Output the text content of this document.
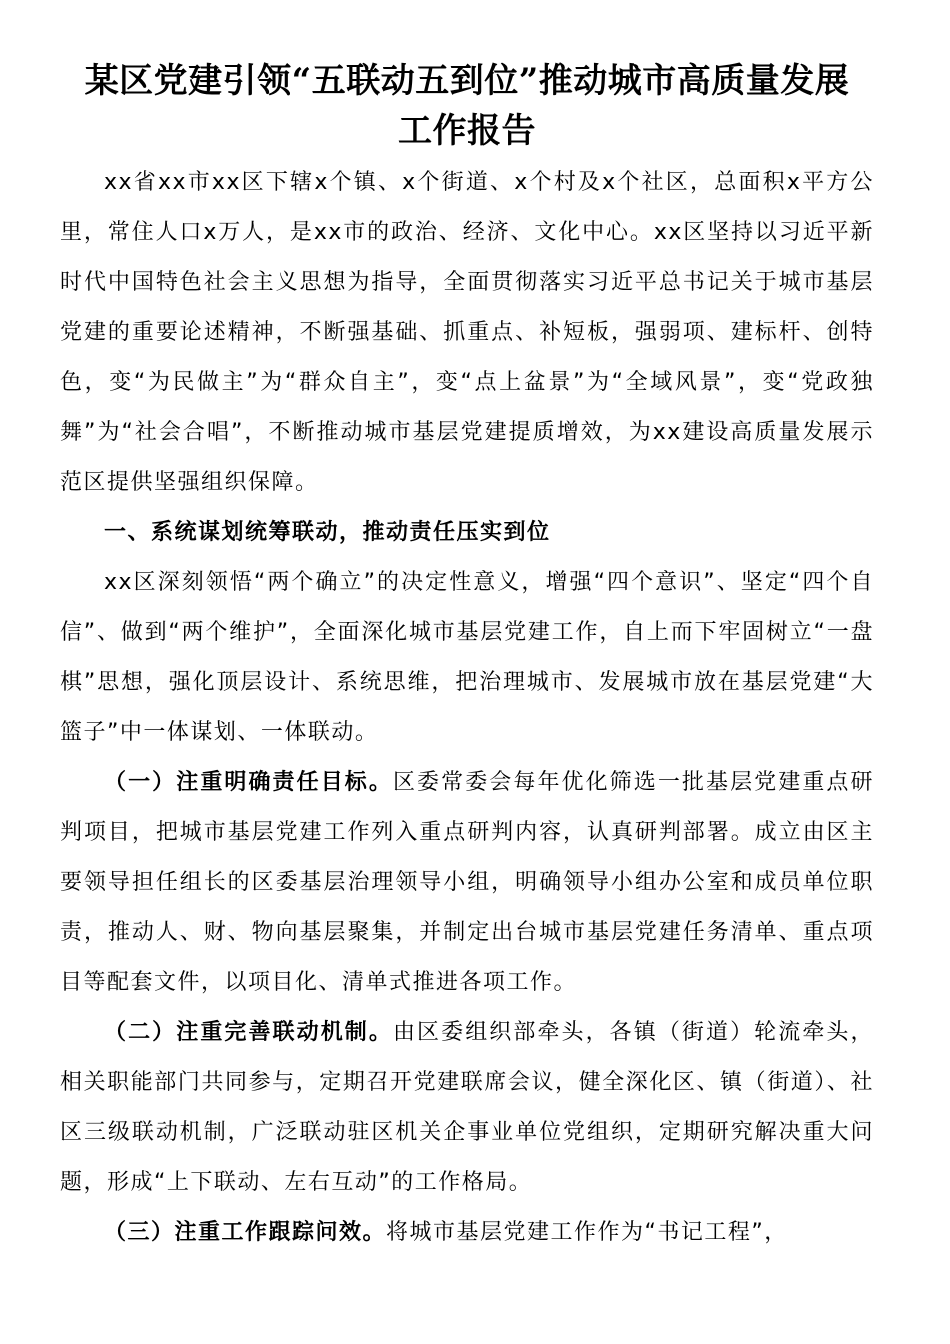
某区党建引领“五联动五到位”推动城市高质量发展
工作报告

xx省xx市xx区下辖x个镇、x个街道、x个村及x个社区，总面积x平方公里，常住人口x万人，是xx市的政治、经济、文化中心。xx区坚持以习近平新时代中国特色社会主义思想为指导，全面贯彻落实习近平总书记关于城市基层党建的重要论述精神，不断强基础、抓重点、补短板，强弱项、建标杆、创特色，变“为民做主”为“群众自主”，变“点上盆景”为“全域风景”，变“党政独舞”为“社会合唱”，不断推动城市基层党建提质增效，为xx建设高质量发展示范区提供坚强组织保障。

一、系统谋划统筹联动，推动责任压实到位

xx区深刻领悟“两个确立”的决定性意义，增强“四个意识”、坚定“四个自信”、做到“两个维护”，全面深化城市基层党建工作，自上而下牢固树立“一盘棋”思想，强化顶层设计、系统思维，把治理城市、发展城市放在基层党建“大篮子”中一体谋划、一体联动。

（一）注重明确责任目标。区委常委会每年优化筛选一批基层党建重点研判项目，把城市基层党建工作列入重点研判内容，认真研判部署。成立由区主要领导担任组长的区委基层治理领导小组，明确领导小组办公室和成员单位职责，推动人、财、物向基层聚集，并制定出台城市基层党建任务清单、重点项目等配套文件，以项目化、清单式推进各项工作。

（二）注重完善联动机制。由区委组织部牵头，各镇（街道）轮流牵头，相关职能部门共同参与，定期召开党建联席会议，健全深化区、镇（街道）、社区三级联动机制，广泛联动驻区机关企事业单位党组织，定期研究解决重大问题，形成“上下联动、左右互动”的工作格局。

（三）注重工作跟踪问效。将城市基层党建工作作为“书记工程”，
